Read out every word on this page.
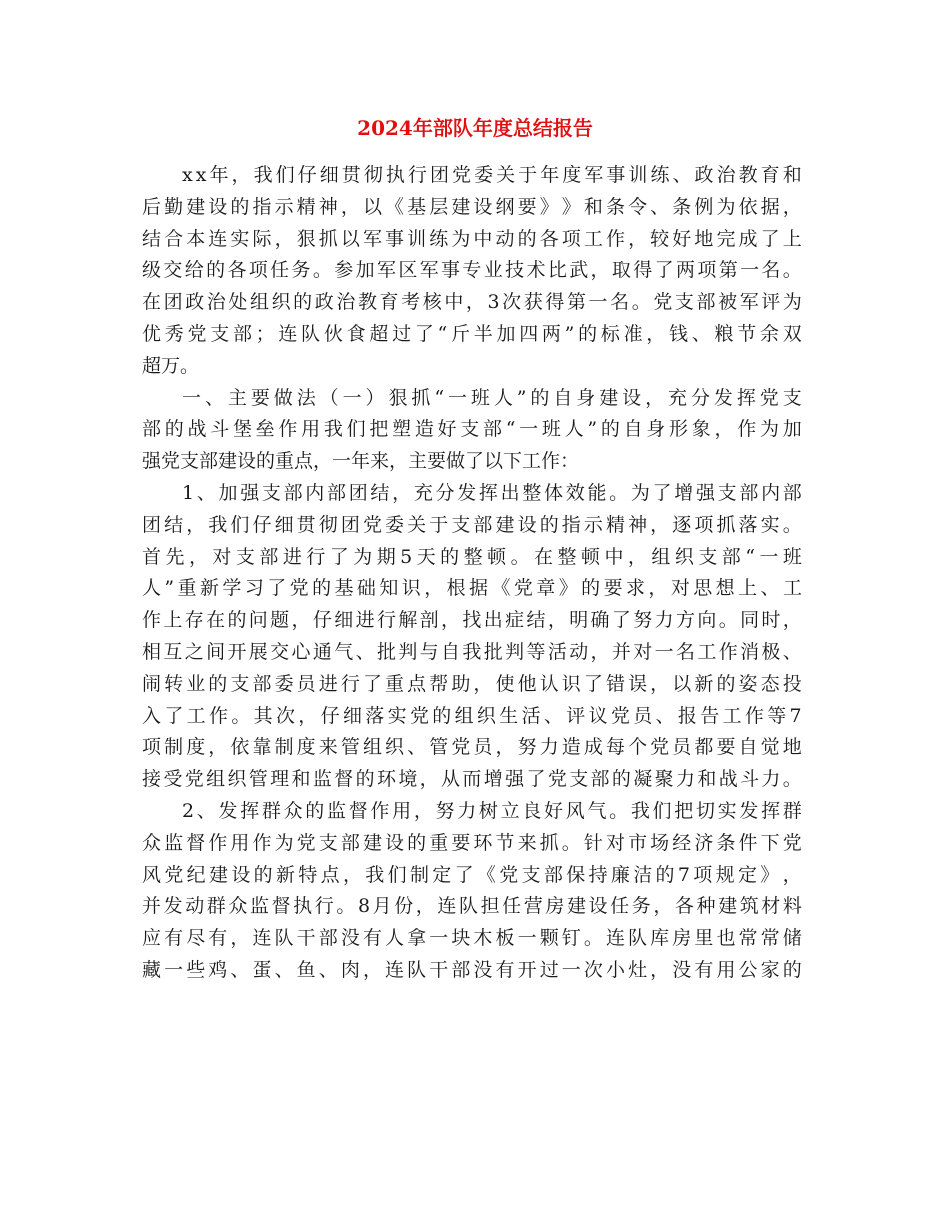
2024年部队年度总结报告
x x 年 ， 我 们 仔 细 贯 彻 执 行 团 党 委 关 于 年 度 军 事 训 练 、 政 治 教 育 和
后 勤 建 设 的 指 示 精 神 ， 以 《 基 层 建 设 纲 要 》 》 和 条 令 、 条 例 为 依 据 ，
结 合 本 连 实 际 ， 狠 抓 以 军 事 训 练 为 中 动 的 各 项 工 作 ， 较 好 地 完 成 了 上
级 交 给 的 各 项 任 务 。 参 加 军 区 军 事 专 业 技 术 比 武 ， 取 得 了 两 项 第 一 名 。
在 团 政 治 处 组 织 的 政 治 教 育 考 核 中 ， 3 次 获 得 第 一 名 。 党 支 部 被 军 评 为
优 秀 党 支 部 ； 连 队 伙 食 超 过 了 “ 斤 半 加 四 两 ” 的 标 准 ， 钱 、 粮 节 余 双
超万。
一 、 主 要 做 法 （ 一 ） 狠 抓 “ 一 班 人 ” 的 自 身 建 设 ， 充 分 发 挥 党 支
部 的 战 斗 堡 垒 作 用 我 们 把 塑 造 好 支 部 “ 一 班 人 ” 的 自 身 形 象 ， 作 为 加
强党支部建设的重点，一年来，主要做了以下工作：
1 、 加 强 支 部 内 部 团 结 ， 充 分 发 挥 出 整 体 效 能 。 为 了 增 强 支 部 内 部
团 结 ， 我 们 仔 细 贯 彻 团 党 委 关 于 支 部 建 设 的 指 示 精 神 ， 逐 项 抓 落 实 。
首 先 ， 对 支 部 进 行 了 为 期 5 天 的 整 顿 。 在 整 顿 中 ， 组 织 支 部 “ 一 班
人 ” 重 新 学 习 了 党 的 基 础 知 识 ， 根 据 《 党 章 》 的 要 求 ， 对 思 想 上 、 工
作 上 存 在 的 问 题 ， 仔 细 进 行 解 剖 ， 找 出 症 结 ， 明 确 了 努 力 方 向 。 同 时 ，
相 互 之 间 开 展 交 心 通 气 、 批 判 与 自 我 批 判 等 活 动 ， 并 对 一 名 工 作 消 极 、
闹 转 业 的 支 部 委 员 进 行 了 重 点 帮 助 ， 使 他 认 识 了 错 误 ， 以 新 的 姿 态 投
入 了 工 作 。 其 次 ， 仔 细 落 实 党 的 组 织 生 活 、 评 议 党 员 、 报 告 工 作 等 7
项 制 度 ， 依 靠 制 度 来 管 组 织 、 管 党 员 ， 努 力 造 成 每 个 党 员 都 要 自 觉 地
接 受 党 组 织 管 理 和 监 督 的 环 境 ， 从 而 增 强 了 党 支 部 的 凝 聚 力 和 战 斗 力 。
2 、 发 挥 群 众 的 监 督 作 用 ， 努 力 树 立 良 好 风 气 。 我 们 把 切 实 发 挥 群
众 监 督 作 用 作 为 党 支 部 建 设 的 重 要 环 节 来 抓 。 针 对 市 场 经 济 条 件 下 党
风 党 纪 建 设 的 新 特 点 ， 我 们 制 定 了 《 党 支 部 保 持 廉 洁 的 7 项 规 定 》 ，
并 发 动 群 众 监 督 执 行 。 8 月 份 ， 连 队 担 任 营 房 建 设 任 务 ， 各 种 建 筑 材 料
应 有 尽 有 ， 连 队 干 部 没 有 人 拿 一 块 木 板 一 颗 钉 。 连 队 库 房 里 也 常 常 储
藏 一 些 鸡 、 蛋 、 鱼 、 肉 ， 连 队 干 部 没 有 开 过 一 次 小 灶 ， 没 有 用 公 家 的
